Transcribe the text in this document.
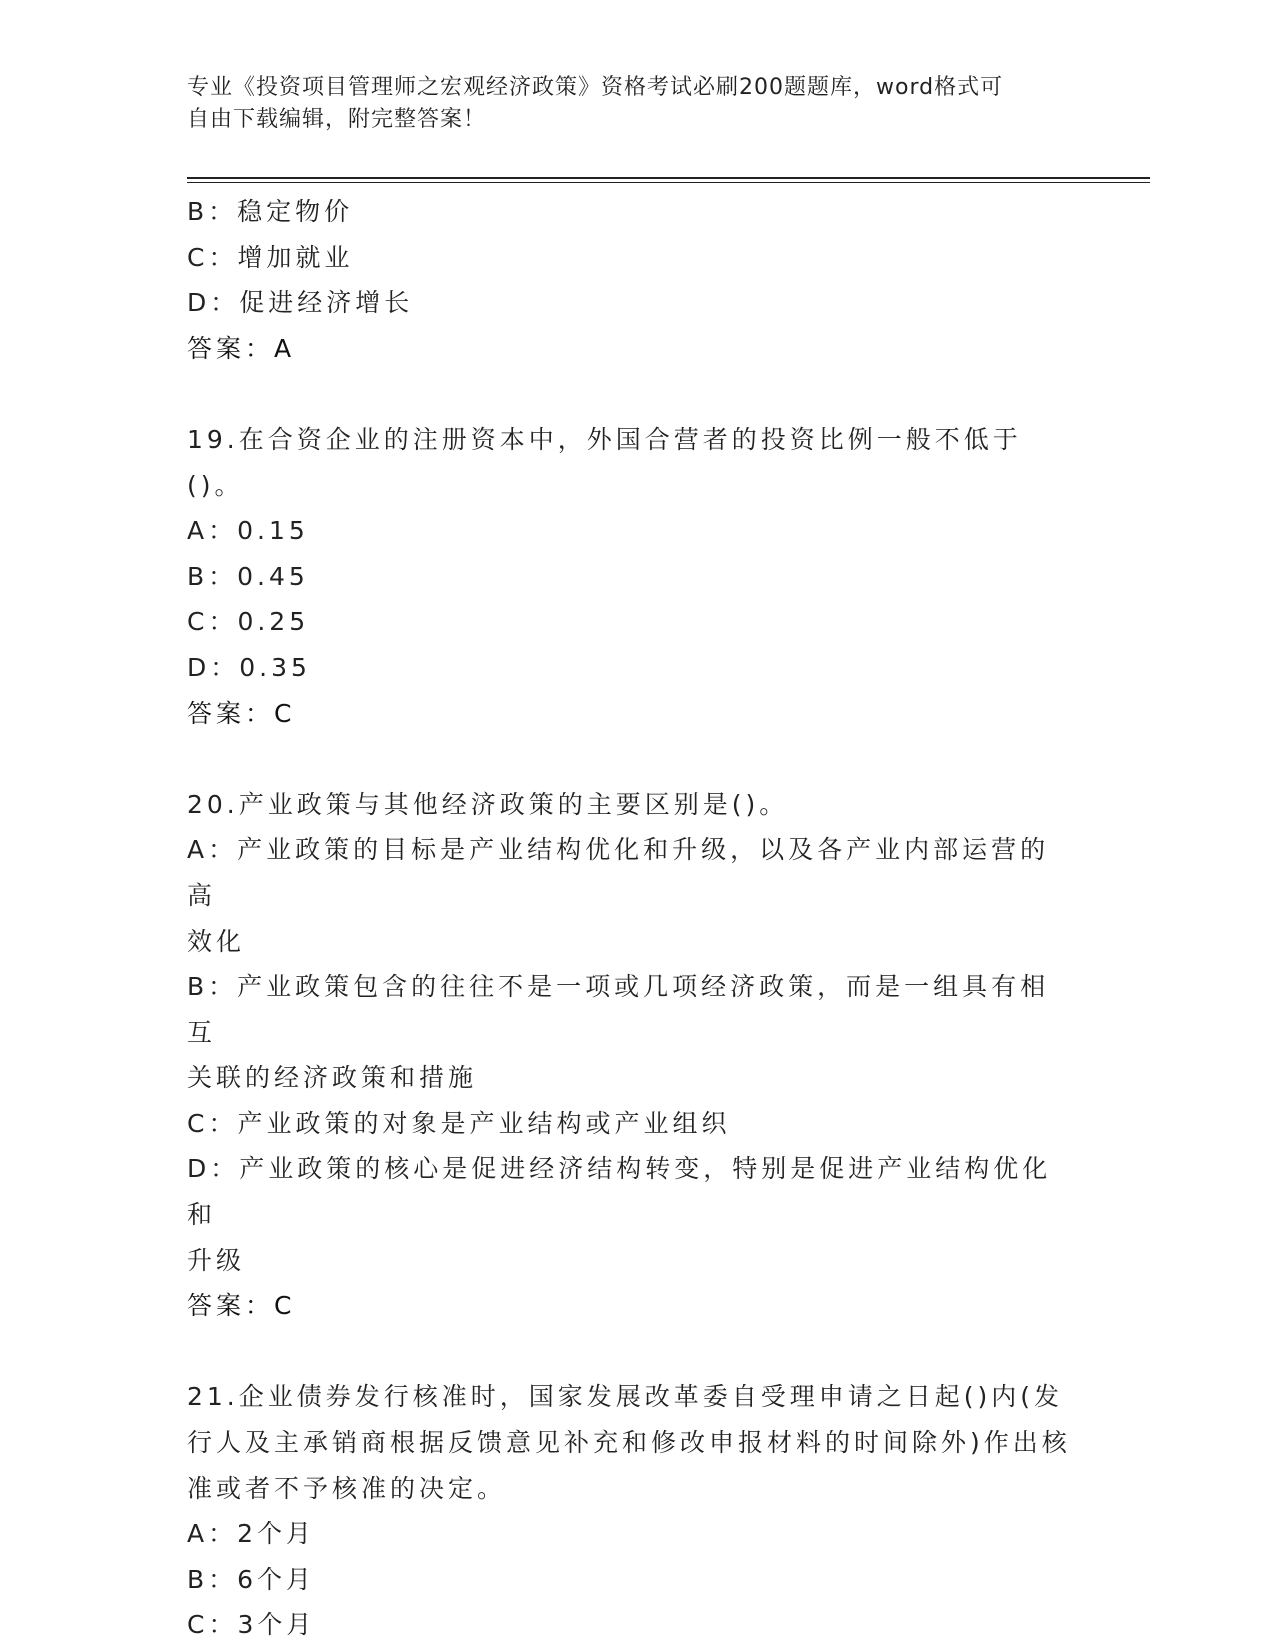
专业《投资项目管理师之宏观经济政策》资格考试必刷200题题库，word格式可
自由下载编辑，附完整答案！

B：稳定物价

C：增加就业

D：促进经济增长

答案：A

19.在合资企业的注册资本中，外国合营者的投资比例一般不低于()。

A：0.15

B：0.45

C：0.25

D：0.35

答案：C

20.产业政策与其他经济政策的主要区别是()。

A：产业政策的目标是产业结构优化和升级，以及各产业内部运营的高

效化

B：产业政策包含的往往不是一项或几项经济政策，而是一组具有相互

关联的经济政策和措施

C：产业政策的对象是产业结构或产业组织

D：产业政策的核心是促进经济结构转变，特别是促进产业结构优化和

升级

答案：C

21.企业债券发行核准时，国家发展改革委自受理申请之日起()内(发

行人及主承销商根据反馈意见补充和修改申报材料的时间除外)作出核

准或者不予核准的决定。

A：2个月

B：6个月

C：3个月
